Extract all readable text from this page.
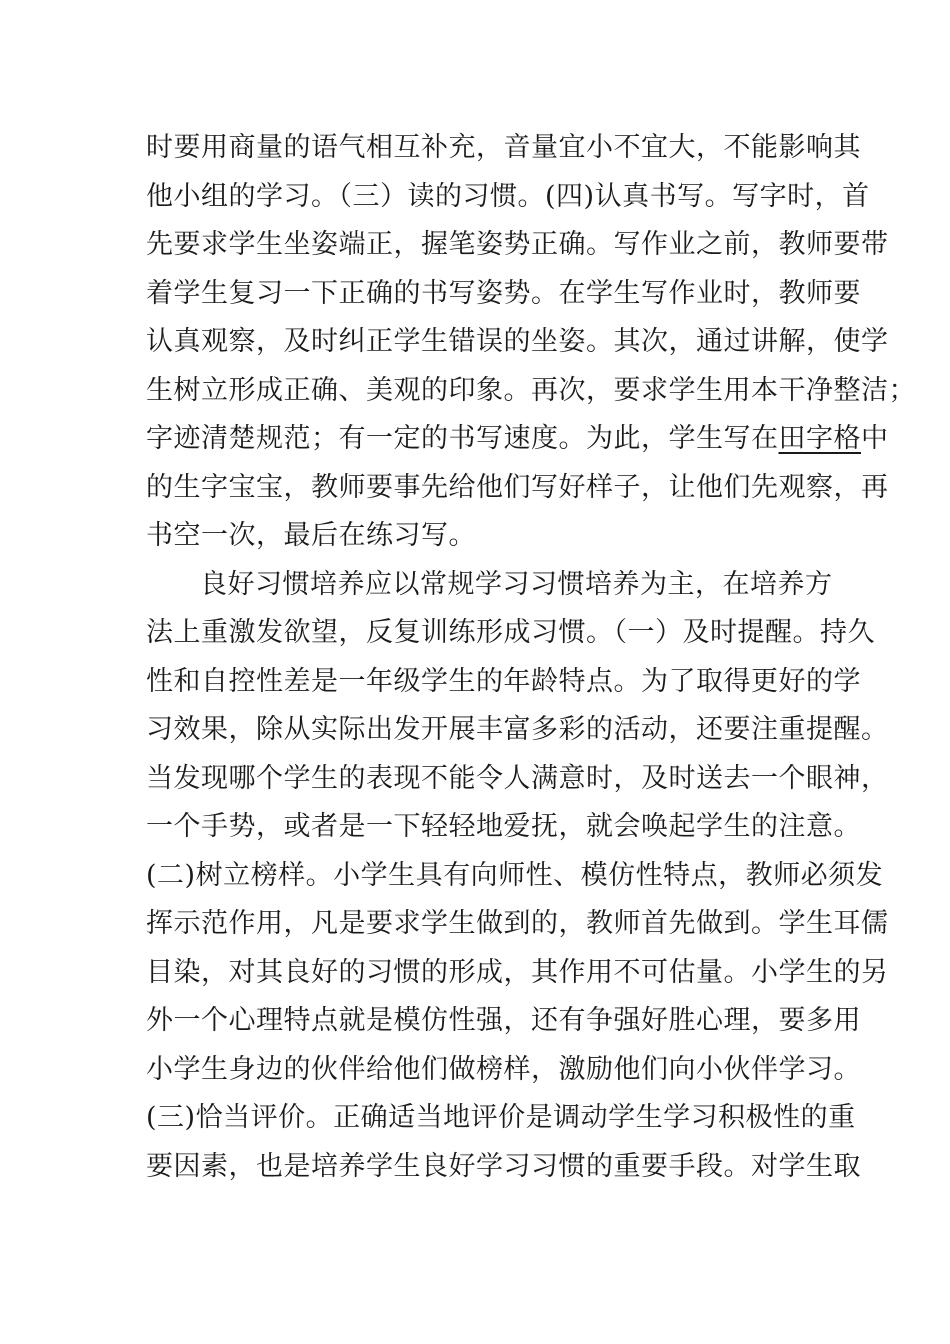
时要用商量的语气相互补充，音量宜小不宜大，不能影响其
他小组的学习。（三）读的习惯。(四)认真书写。写字时，首
先要求学生坐姿端正，握笔姿势正确。写作业之前，教师要带
着学生复习一下正确的书写姿势。在学生写作业时，教师要
认真观察，及时纠正学生错误的坐姿。其次，通过讲解，使学
生树立形成正确、美观的印象。再次，要求学生用本干净整洁；
字迹清楚规范；有一定的书写速度。为此，学生写在田字格中
的生字宝宝，教师要事先给他们写好样子，让他们先观察，再
书空一次，最后在练习写。
良好习惯培养应以常规学习习惯培养为主，在培养方
法上重激发欲望，反复训练形成习惯。（一）及时提醒。持久
性和自控性差是一年级学生的年龄特点。为了取得更好的学
习效果，除从实际出发开展丰富多彩的活动，还要注重提醒。
当发现哪个学生的表现不能令人满意时，及时送去一个眼神，
一个手势，或者是一下轻轻地爱抚，就会唤起学生的注意。
(二)树立榜样。小学生具有向师性、模仿性特点，教师必须发
挥示范作用，凡是要求学生做到的，教师首先做到。学生耳儒
目染，对其良好的习惯的形成，其作用不可估量。小学生的另
外一个心理特点就是模仿性强，还有争强好胜心理，要多用
小学生身边的伙伴给他们做榜样，激励他们向小伙伴学习。
(三)恰当评价。正确适当地评价是调动学生学习积极性的重
要因素，也是培养学生良好学习习惯的重要手段。对学生取
